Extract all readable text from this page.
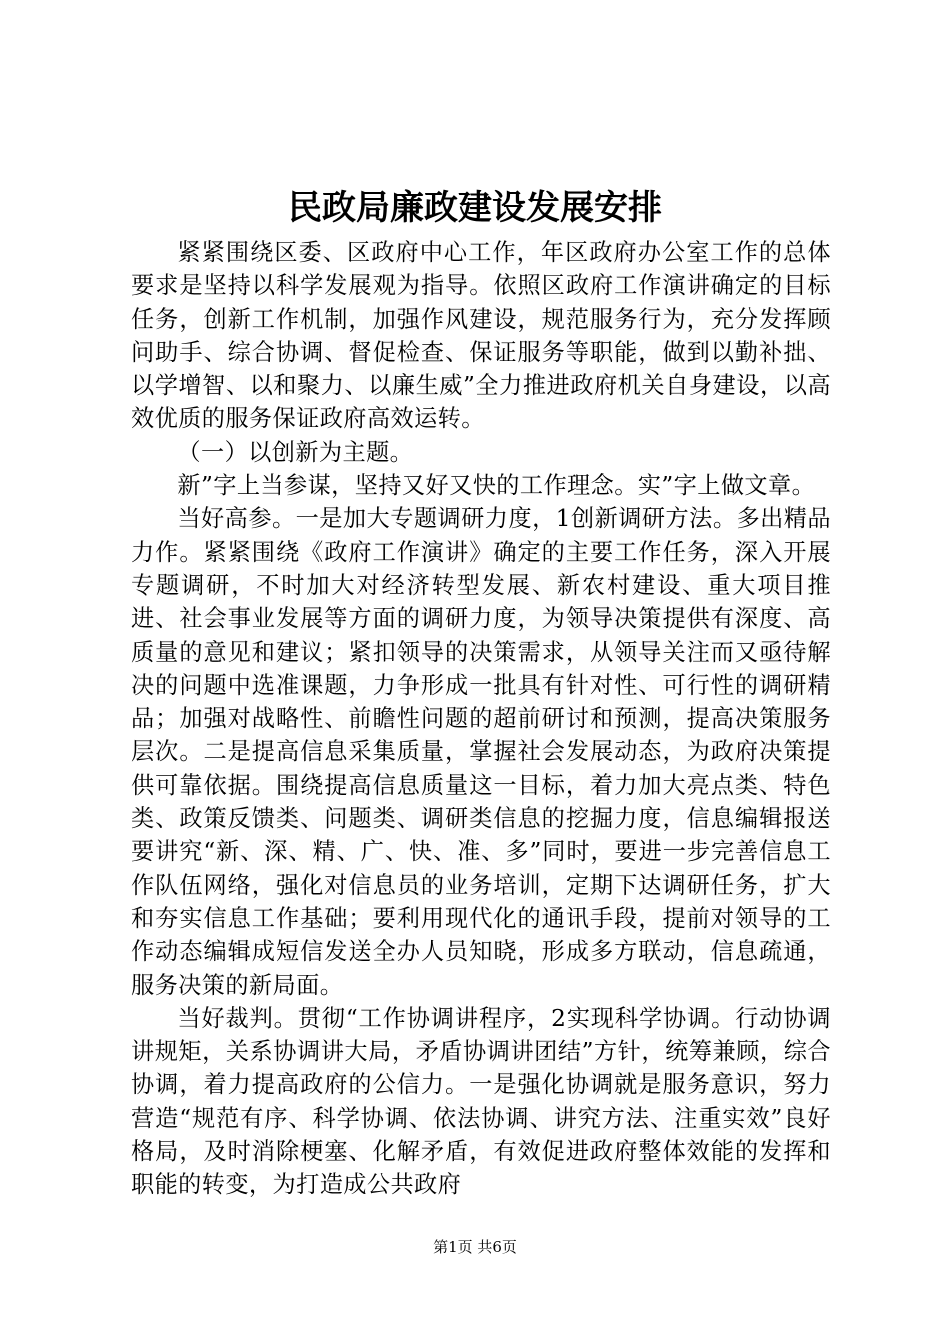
民政局廉政建设发展安排

紧紧围绕区委、区政府中心工作，年区政府办公室工作的总体要求是坚持以科学发展观为指导。依照区政府工作演讲确定的目标任务，创新工作机制，加强作风建设，规范服务行为，充分发挥顾问助手、综合协调、督促检查、保证服务等职能，做到以勤补拙、以学增智、以和聚力、以廉生威”全力推进政府机关自身建设，以高效优质的服务保证政府高效运转。

（一）以创新为主题。

新”字上当参谋，坚持又好又快的工作理念。实”字上做文章。

当好高参。一是加大专题调研力度，1创新调研方法。多出精品力作。紧紧围绕《政府工作演讲》确定的主要工作任务，深入开展专题调研，不时加大对经济转型发展、新农村建设、重大项目推进、社会事业发展等方面的调研力度，为领导决策提供有深度、高质量的意见和建议；紧扣领导的决策需求，从领导关注而又亟待解决的问题中选准课题，力争形成一批具有针对性、可行性的调研精品；加强对战略性、前瞻性问题的超前研讨和预测，提高决策服务层次。二是提高信息采集质量，掌握社会发展动态，为政府决策提供可靠依据。围绕提高信息质量这一目标，着力加大亮点类、特色类、政策反馈类、问题类、调研类信息的挖掘力度，信息编辑报送要讲究“新、深、精、广、快、准、多”同时，要进一步完善信息工作队伍网络，强化对信息员的业务培训，定期下达调研任务，扩大和夯实信息工作基础；要利用现代化的通讯手段，提前对领导的工作动态编辑成短信发送全办人员知晓，形成多方联动，信息疏通，服务决策的新局面。

当好裁判。贯彻“工作协调讲程序，2实现科学协调。行动协调讲规矩，关系协调讲大局，矛盾协调讲团结”方针，统筹兼顾，综合协调，着力提高政府的公信力。一是强化协调就是服务意识，努力营造“规范有序、科学协调、依法协调、讲究方法、注重实效”良好格局，及时消除梗塞、化解矛盾，有效促进政府整体效能的发挥和职能的转变，为打造成公共政府

第1页 共6页
